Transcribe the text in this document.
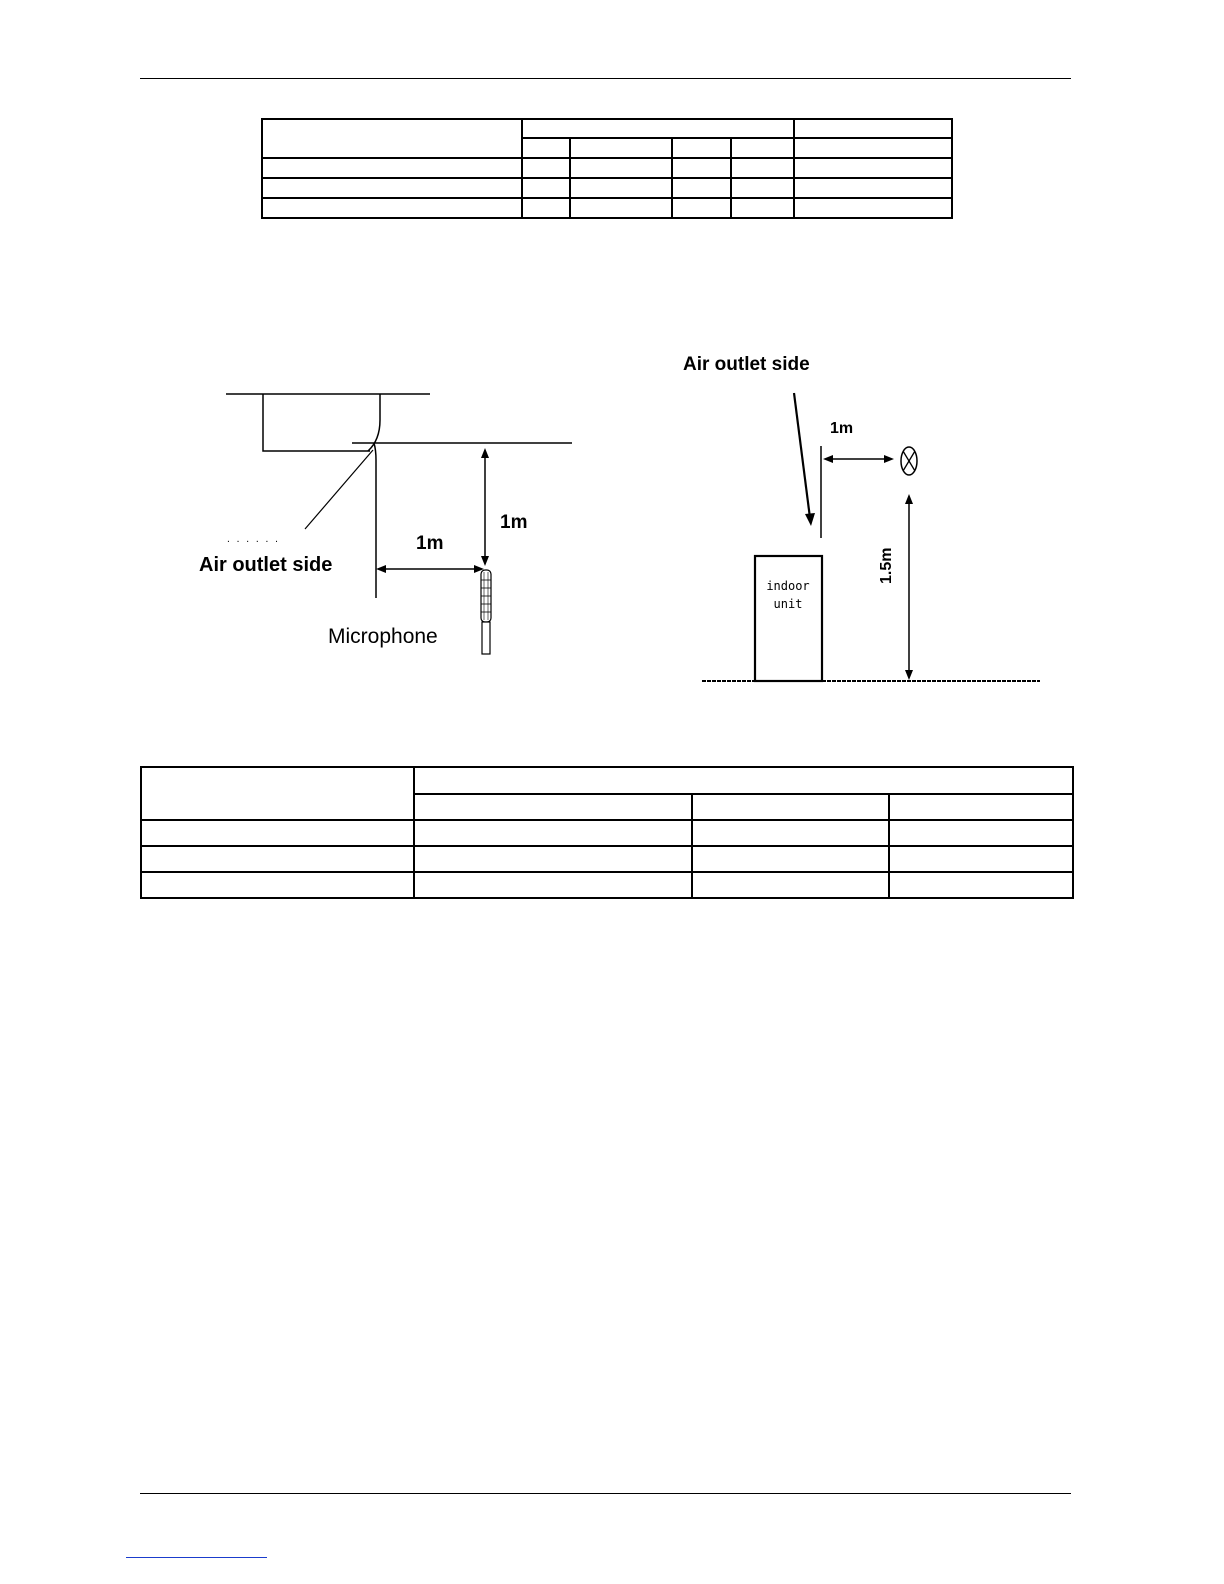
. . . . . .
Air outlet side
1m
1m
Microphone
Air outlet side
1m
1.5m
indoor
unit
